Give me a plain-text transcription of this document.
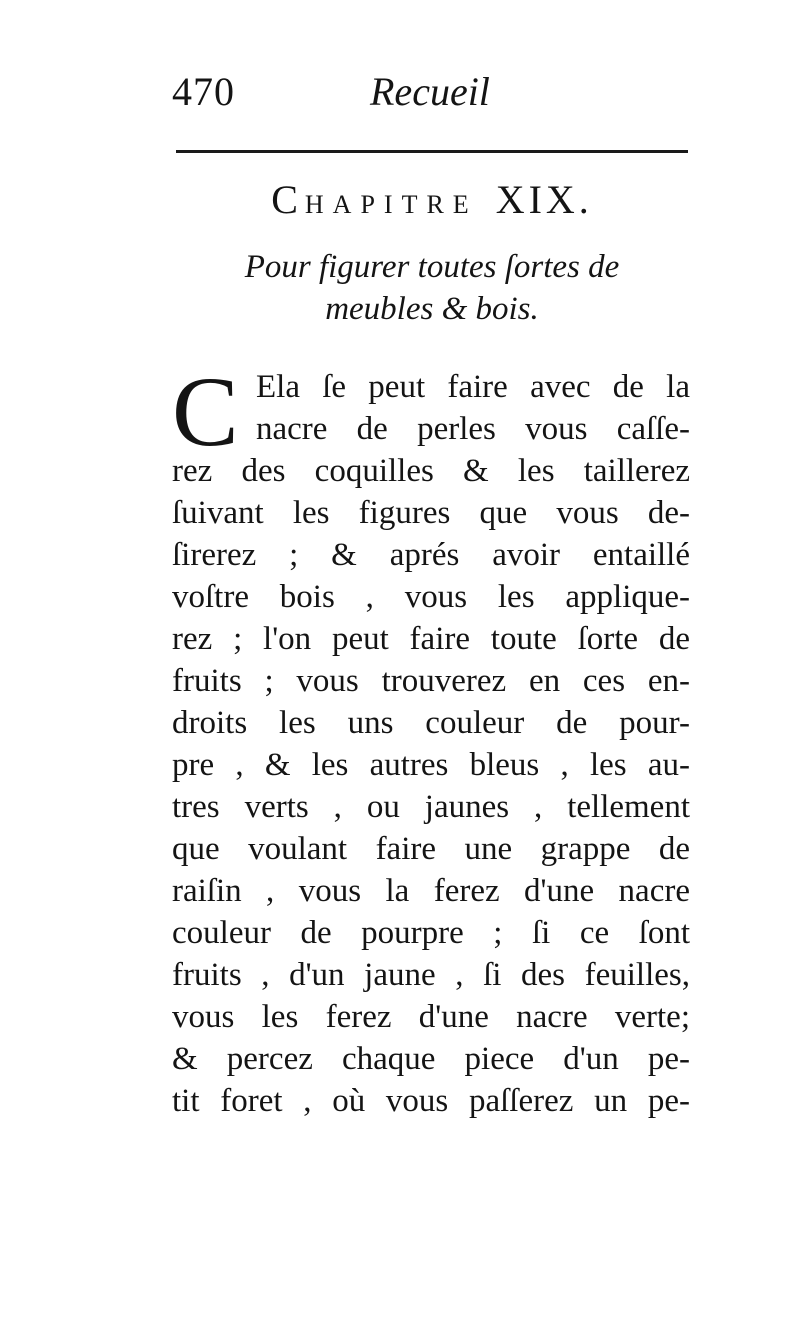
470	Recueil
CHAPITRE XIX.
Pour figurer toutes ſortes de
meubles & bois.
C Ela ſe peut faire avec de la
nacre de perles vous caſſe-
rez des coquilles & les taillerez
ſuivant les figures que vous de-
ſirerez ; & aprés avoir entaillé
voſtre bois , vous les applique-
rez ; l'on peut faire toute ſorte de
fruits ; vous trouverez en ces en-
droits les uns couleur de pour-
pre , & les autres bleus , les au-
tres verts , ou jaunes , tellement
que voulant faire une grappe de
raiſin , vous la ferez d'une nacre
couleur de pourpre ; ſi ce ſont
fruits , d'un jaune , ſi des feuilles,
vous les ferez d'une nacre verte;
& percez chaque piece d'un pe-
tit foret , où vous paſſerez un pe-
